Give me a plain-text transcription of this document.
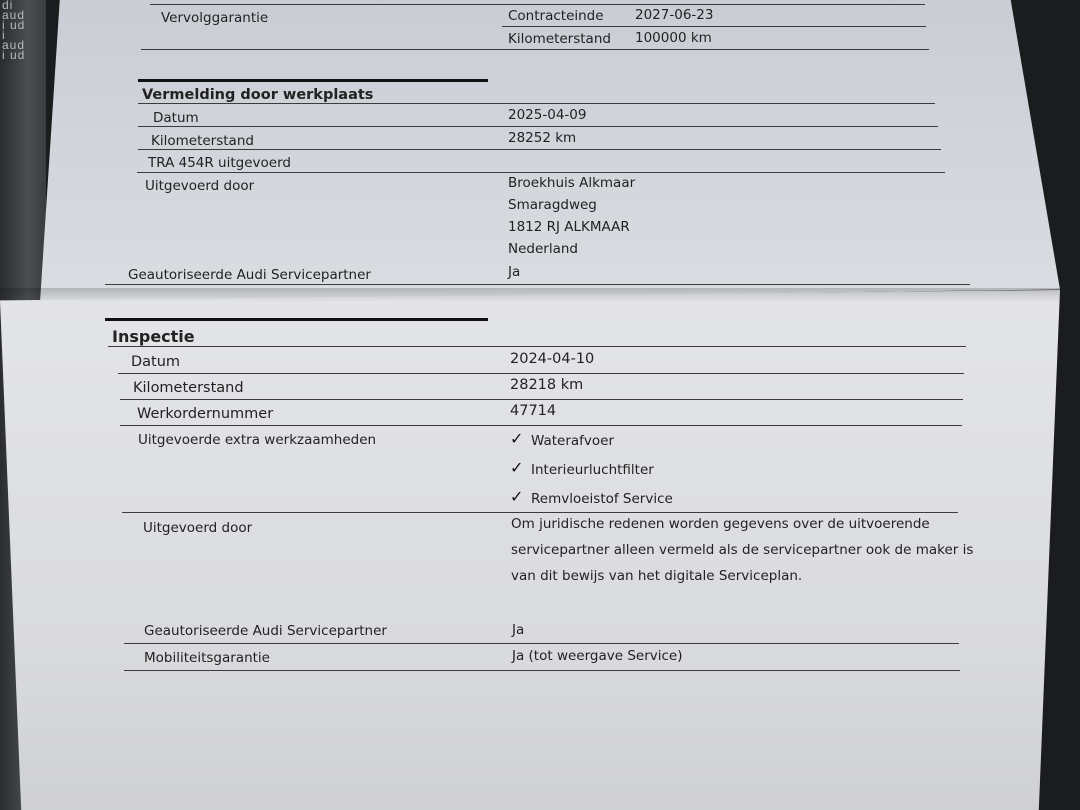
di aud i ud i aud i ud
Vervolggarantie	Contracteinde 2027-06-23
Kilometerstand 100000 km
Vermelding door werkplaats
Datum	2025-04-09
Kilometerstand	28252 km
TRA 454R uitgevoerd
Uitgevoerd door	Broekhuis Alkmaar
Smaragdweg
1812 RJ ALKMAAR
Nederland
Geautoriseerde Audi Servicepartner	Ja
Inspectie
Datum	2024-04-10
Kilometerstand	28218 km
Werkordernummer	47714
Uitgevoerde extra werkzaamheden	✓ Waterafvoer
✓ Interieurluchtfilter
✓ Remvloeistof Service
Uitgevoerd door	Om juridische redenen worden gegevens over de uitvoerende
servicepartner alleen vermeld als de servicepartner ook de maker is
van dit bewijs van het digitale Serviceplan.
Geautoriseerde Audi Servicepartner	Ja
Mobiliteitsgarantie	Ja (tot weergave Service)
